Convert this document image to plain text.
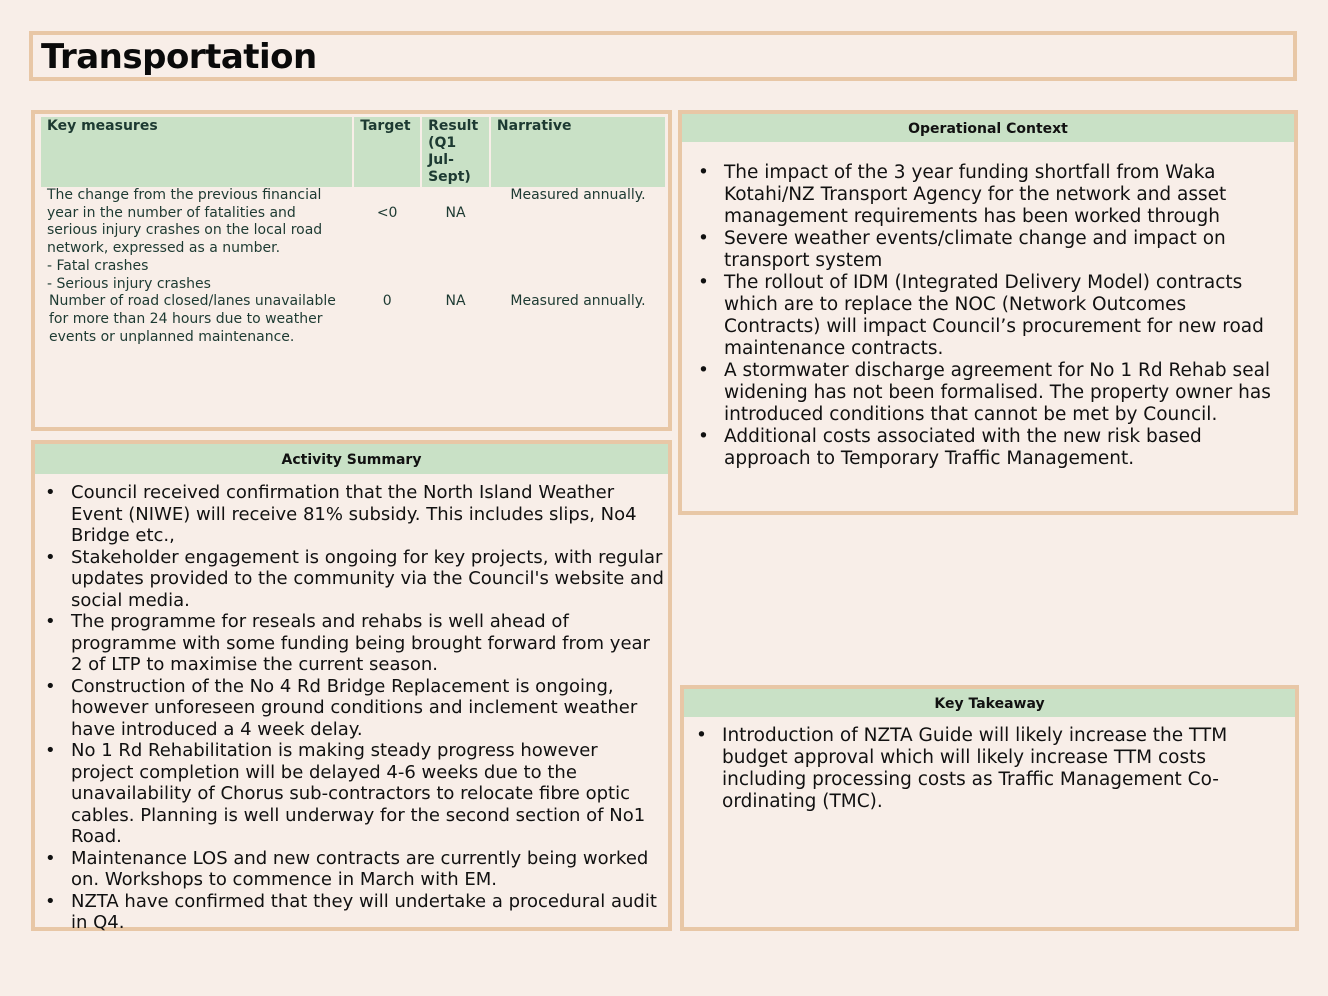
Transportation
Key measures	Target	Result (Q1 Jul-Sept)	Narrative

The change from the previous financial year in the number of fatalities and serious injury crashes on the local road network, expressed as a number.
- Fatal crashes
- Serious injury crashes	<0	NA	Measured annually.

Number of road closed/lanes unavailable for more than 24 hours due to weather events or unplanned maintenance.	0	NA	Measured annually.
Operational Context
• The impact of the 3 year funding shortfall from Waka Kotahi/NZ Transport Agency for the network and asset management requirements has been worked through
• Severe weather events/climate change and impact on transport system
• The rollout of IDM (Integrated Delivery Model) contracts which are to replace the NOC (Network Outcomes Contracts) will impact Council’s procurement for new road maintenance contracts.
• A stormwater discharge agreement for No 1 Rd Rehab seal widening has not been formalised. The property owner has introduced conditions that cannot be met by Council.
• Additional costs associated with the new risk based approach to Temporary Traffic Management.
Activity Summary
• Council received confirmation that the North Island Weather Event (NIWE) will receive 81% subsidy. This includes slips, No4 Bridge etc.,
• Stakeholder engagement is ongoing for key projects, with regular updates provided to the community via the Council's website and social media.
• The programme for reseals and rehabs is well ahead of programme with some funding being brought forward from year 2 of LTP to maximise the current season.
• Construction of the No 4 Rd Bridge Replacement is ongoing, however unforeseen ground conditions and inclement weather have introduced a 4 week delay.
• No 1 Rd Rehabilitation is making steady progress however project completion will be delayed 4-6 weeks due to the unavailability of Chorus sub-contractors to relocate fibre optic cables. Planning is well underway for the second section of No1 Road.
• Maintenance LOS and new contracts are currently being worked on. Workshops to commence in March with EM.
• NZTA have confirmed that they will undertake a procedural audit in Q4.
Key Takeaway
• Introduction of NZTA Guide will likely increase the TTM budget approval which will likely increase TTM costs including processing costs as Traffic Management Co-ordinating (TMC).
